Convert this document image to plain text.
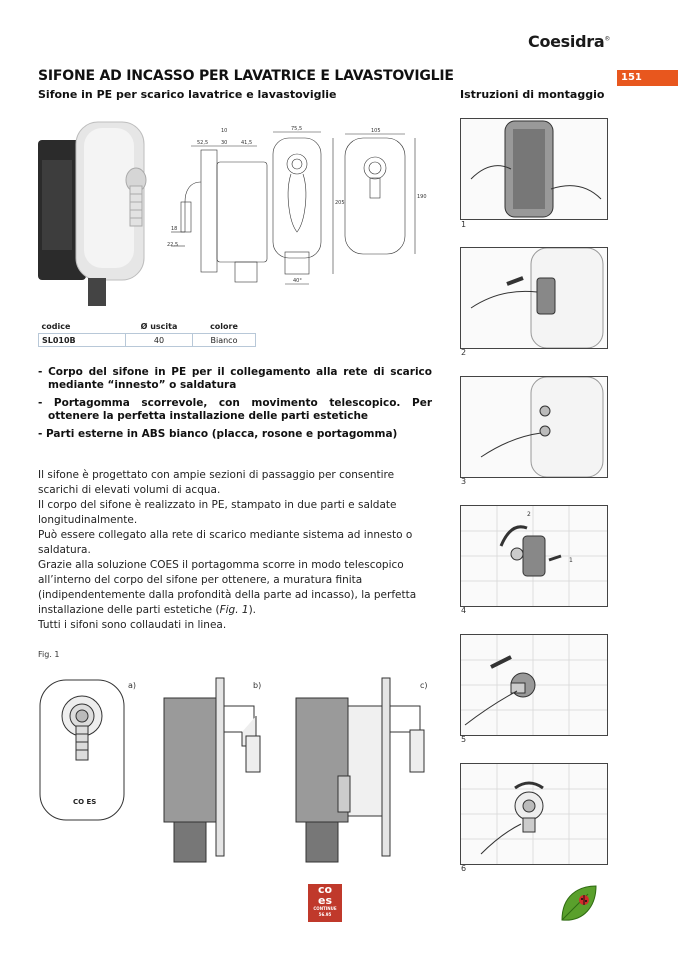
Coesidra®
151
SIFONE AD INCASSO PER LAVATRICE E LAVASTOVIGLIE
Sifone in PE per scarico lavatrice e lavastoviglie	Istruzioni di montaggio
10
52,5	30	41,5
18
22,5
75,5
205
40°
105
190
codice	Ø uscita	colore
SL010B	40	Bianco
- Corpo del sifone in PE per il collegamento alla rete di scarico mediante “innesto” o saldatura
- Portagomma scorrevole, con movimento telescopico. Per ottenere la perfetta installazione delle parti estetiche
- Parti esterne in ABS bianco (placca, rosone e portagomma)

Il sifone è progettato con ampie sezioni di passaggio per consentire scarichi di elevati volumi di acqua.

Il corpo del sifone è realizzato in PE, stampato in due parti e saldate longitudinalmente.

Può essere collegato alla rete di scarico mediante sistema ad innesto o saldatura.

Grazie alla soluzione COES il portagomma scorre in modo telescopico all’interno del corpo del sifone per ottenere, a muratura finita (indipendentemente dalla profondità della parte ad incasso), la perfetta installazione delle parti estetiche (Fig. 1).

Tutti i sifoni sono collaudati in linea.

Fig. 1
a)	b)	c)
CO ES
1
2
3
2
1
4
5
6
co
es
CONTINUE
56.95
